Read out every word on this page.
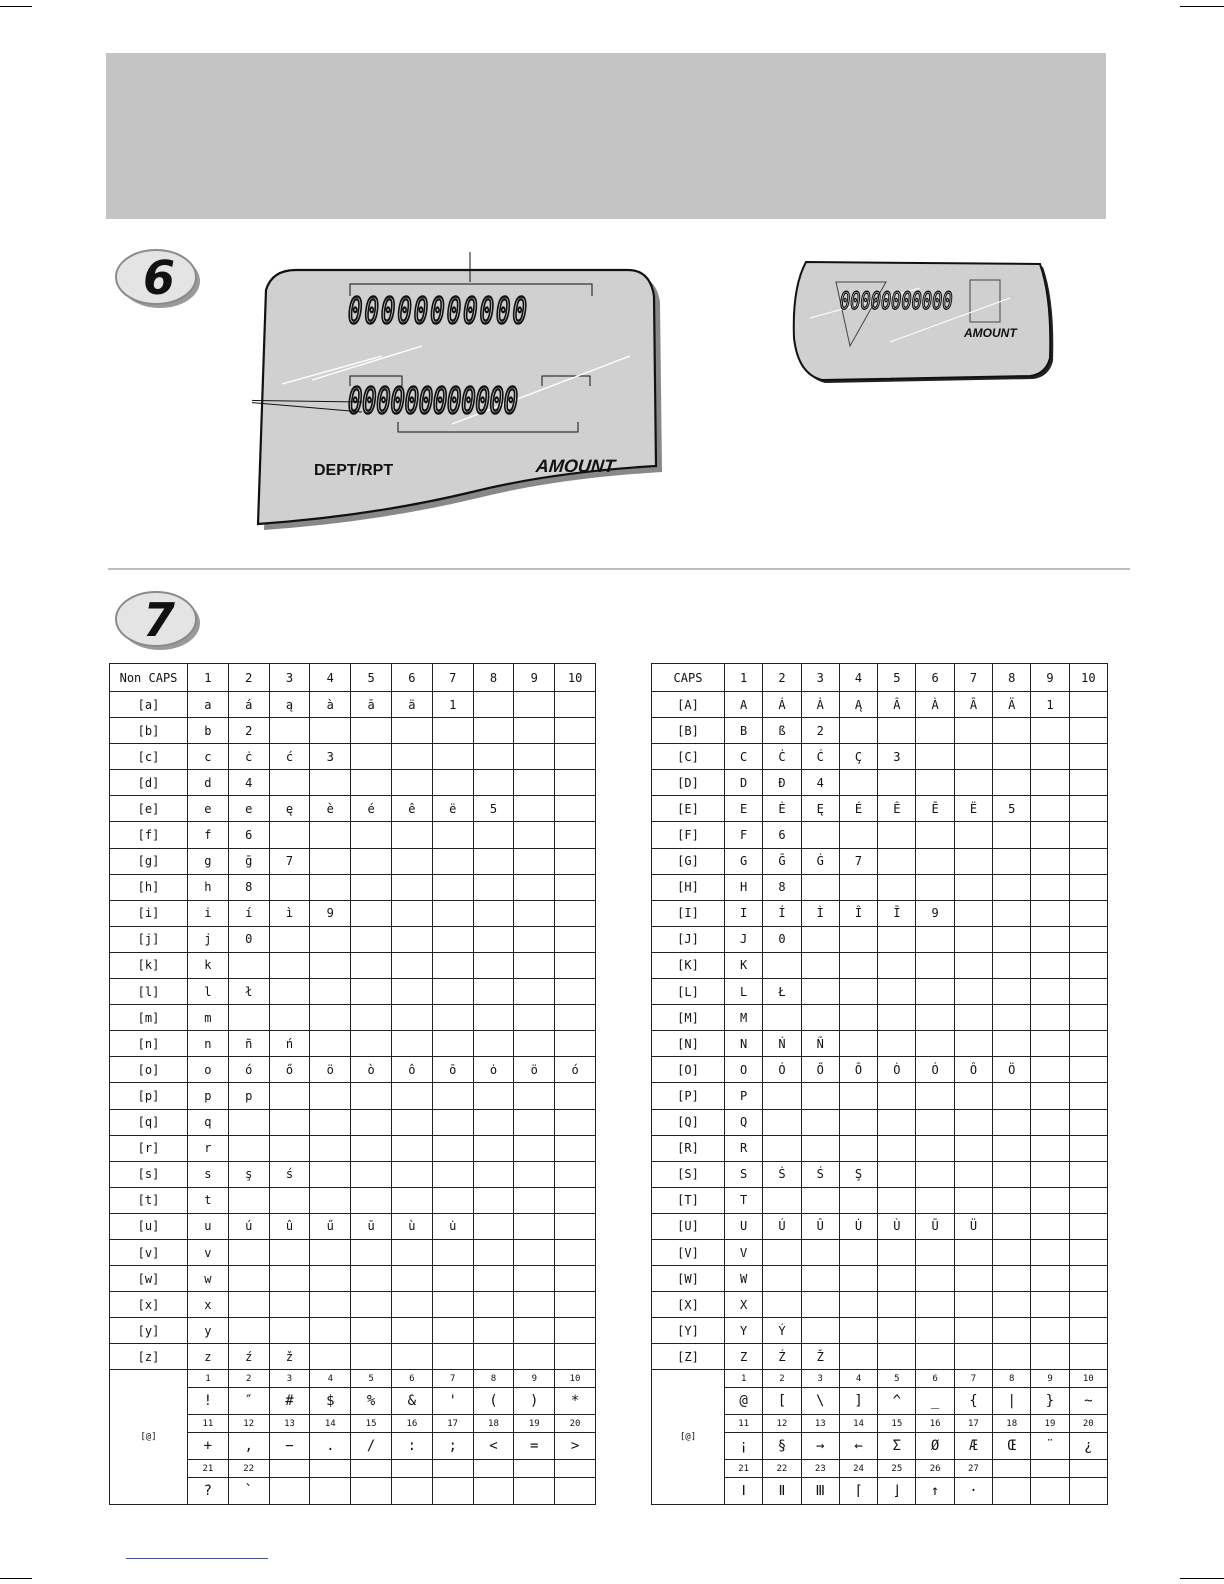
6
00000000000
000000000000
DEPT/RPT	AMOUNT
00000000000
AMOUNT
7
Non CAPS	1	2	3	4	5	6	7	8	9	10
[a]	a	á	ą	à	ā	ä	1			
[b]	b	2								
[c]	c	ċ	ć	3						
[d]	d	4								
[e]	e	e	ę	è	é	ê	ë	5		
[f]	f	6								
[g]	g	ḡ	7							
[h]	h	8								
[i]	i	í	ì	9						
[j]	j	0								
[k]	k									
[l]	l	ł								
[m]	m									
[n]	n	ñ	ń							
[o]	o	ó	ő	ö	ò	ô	ō	ȯ	ö	ó
[p]	p	p								
[q]	q									
[r]	r									
[s]	s	ş	ś							
[t]	t									
[u]	u	ú	û	ű	ū	ù	u̇			
[v]	v									
[w]	w									
[x]	x									
[y]	y									
[z]	z	ź	ž							
[@]	1	2	3	4	5	6	7	8	9	10
	!	″	#	$	%	&	'	(	)	*
	11	12	13	14	15	16	17	18	19	20
	+	,	−	.	/	:	;	<	=	>
	21	22								
	?	`								
CAPS	1	2	3	4	5	6	7	8	9	10
[A]	A	Á	Ȧ	Ą	Â	À	Ā	Ä	1	
[B]	B	ß	2							
[C]	C	Ċ	Ć	Ç	3					
[D]	D	Đ	4							
[E]	E	Ė	Ę	É	Ê	Ē	Ë	5		
[F]	F	6								
[G]	G	Ḡ	Ġ	7						
[H]	H	8								
[I]	I	Í	Ì	Î	Ī	9				
[J]	J	0								
[K]	K									
[L]	L	Ł								
[M]	M									
[N]	N	Ń	Ñ							
[O]	O	Ó	Ő	Ō	Ȯ	Ó	Ô	Ö		
[P]	P									
[Q]	Q									
[R]	R									
[S]	S	Ṡ	Ś	Ş						
[T]	T									
[U]	U	Ú	Û	U̇	Ù	Ū	Ü			
[V]	V									
[W]	W									
[X]	X									
[Y]	Y	Ý								
[Z]	Z	Ź	Ž							
[@]	1	2	3	4	5	6	7	8	9	10
	@	[	\	]	^	_	{	|	}	~
	11	12	13	14	15	16	17	18	19	20
	¡	§	→	←	Σ	Ø	Æ	Œ	¨	¿
	21	22	23	24	25	26	27			
	Ⅰ	Ⅱ	Ⅲ	⌈	⌋	↑	·			
